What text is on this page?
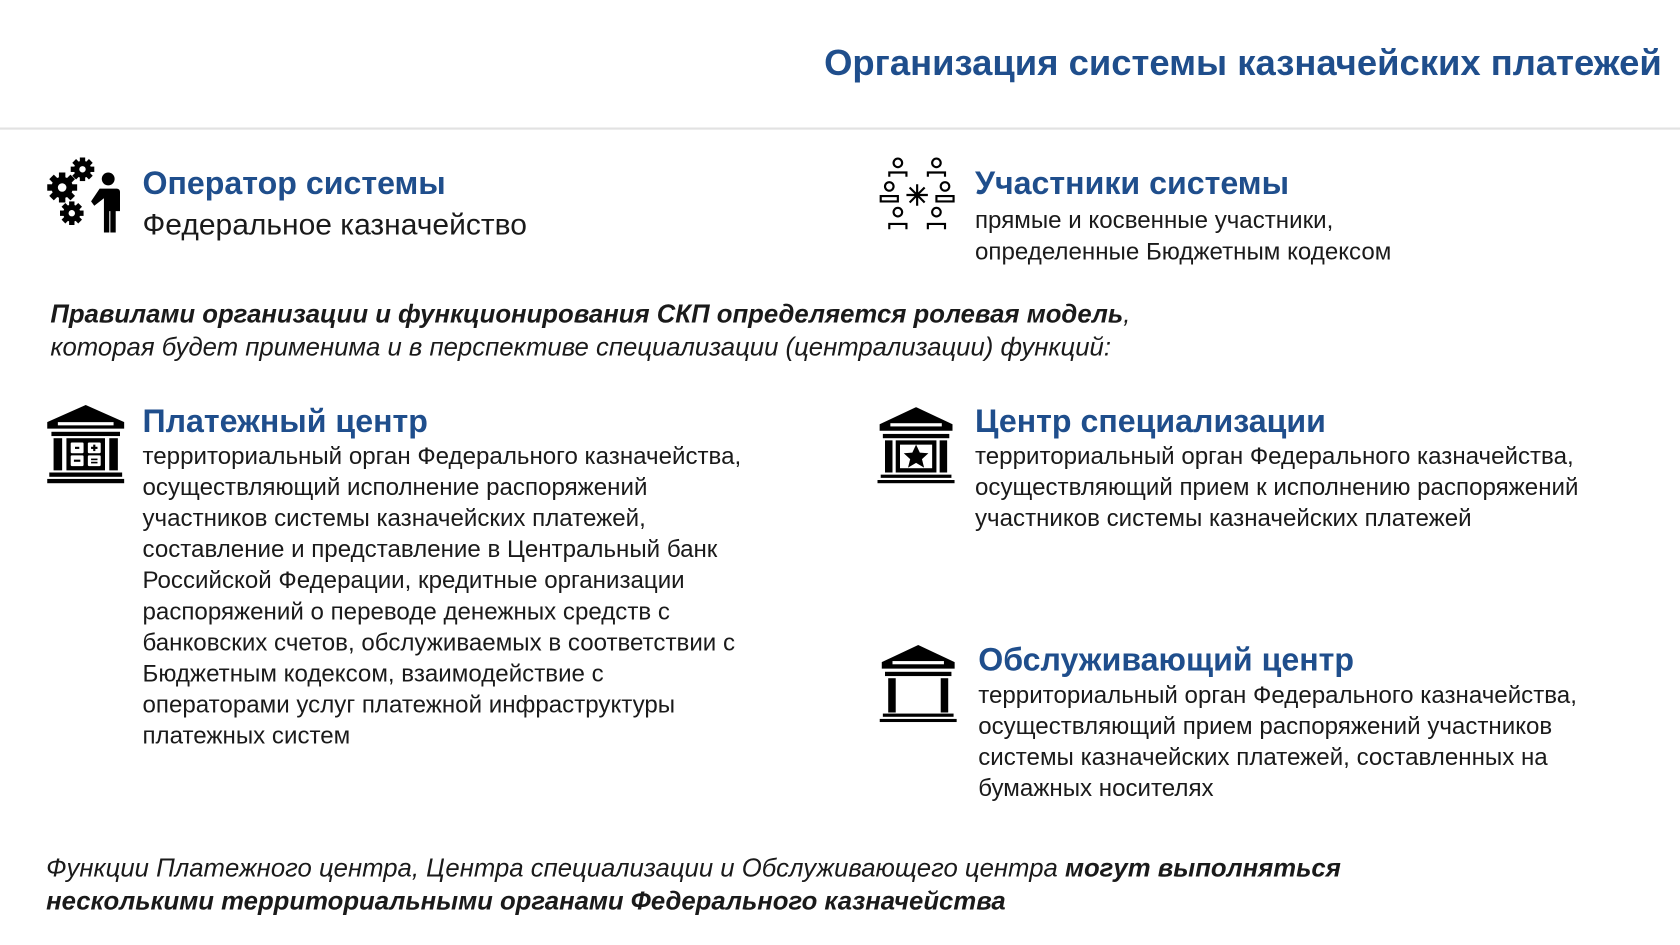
Организация системы казначейских платежей
Оператор системы
Федеральное казначейство
Участники системы
прямые и косвенные участники,
определенные Бюджетным кодексом
Правилами организации и функционирования СКП определяется ролевая модель,
которая будет применима и в перспективе специализации (централизации) функций:
Платежный центр
территориальный орган Федерального казначейства,
осуществляющий исполнение распоряжений
участников системы казначейских платежей,
составление и представление в Центральный банк
Российской Федерации, кредитные организации
распоряжений о переводе денежных средств с
банковских счетов, обслуживаемых в соответствии с
Бюджетным кодексом, взаимодействие с
операторами услуг платежной инфраструктуры
платежных систем
Центр специализации
территориальный орган Федерального казначейства,
осуществляющий прием к исполнению распоряжений
участников системы казначейских платежей
Обслуживающий центр
территориальный орган Федерального казначейства,
осуществляющий прием распоряжений участников
системы казначейских платежей, составленных на
бумажных носителях
Функции Платежного центра, Центра специализации и Обслуживающего центра могут выполняться
несколькими территориальными органами Федерального казначейства
